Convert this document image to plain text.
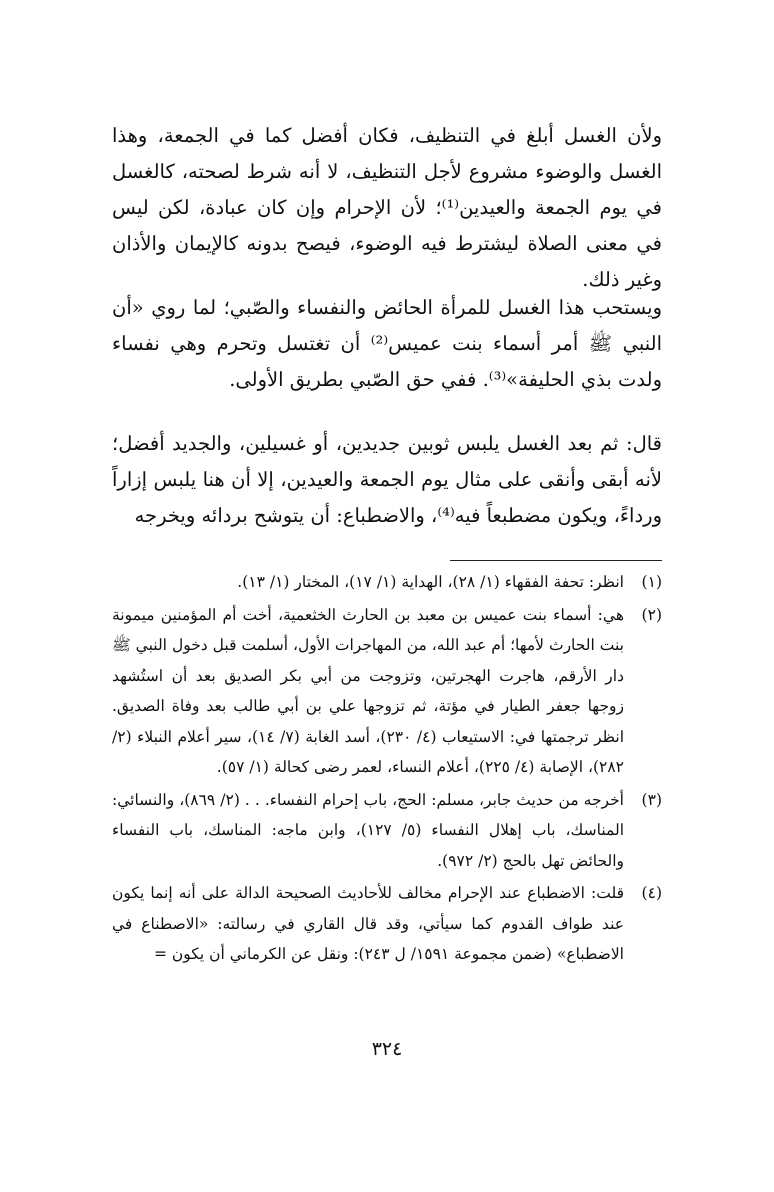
ولأن الغسل أبلغ في التنظيف، فكان أفضل كما في الجمعة، وهذا الغسل والوضوء مشروع لأجل التنظيف، لا أنه شرط لصحته، كالغسل في يوم الجمعة والعيدين⁽¹⁾؛ لأن الإحرام وإن كان عبادة، لكن ليس في معنى الصلاة ليشترط فيه الوضوء، فيصح بدونه كالإيمان والأذان وغير ذلك.

ويستحب هذا الغسل للمرأة الحائض والنفساء والصّبي؛ لما روي «أن النبي ﷺ أمر أسماء بنت عميس⁽²⁾ أن تغتسل وتحرم وهي نفساء ولدت بذي الحليفة»⁽³⁾. ففي حق الصّبي بطريق الأولى.

قال: ثم بعد الغسل يلبس ثوبين جديدين، أو غسيلين، والجديد أفضل؛ لأنه أبقى وأنقى على مثال يوم الجمعة والعيدين، إلا أن هنا يلبس إزاراً ورداءً، ويكون مضطبعاً فيه⁽⁴⁾، والاضطباع: أن يتوشح بردائه ويخرجه

(١)
انظر: تحفة الفقهاء (١/ ٢٨)، الهداية (١/ ١٧)، المختار (١/ ١٣).
(٢)
هي: أسماء بنت عميس بن معبد بن الحارث الخثعمية، أخت أم المؤمنين ميمونة بنت الحارث لأمها؛ أم عبد الله، من المهاجرات الأول، أسلمت قبل دخول النبي ﷺ دار الأرقم، هاجرت الهجرتين، وتزوجت من أبي بكر الصديق بعد أن استُشهد زوجها جعفر الطيار في مؤتة، ثم تزوجها علي بن أبي طالب بعد وفاة الصديق. انظر ترجمتها في: الاستيعاب (٤/ ٢٣٠)، أسد الغابة (٧/ ١٤)، سير أعلام النبلاء (٢/ ٢٨٢)، الإصابة (٤/ ٢٢٥)، أعلام النساء، لعمر رضى كحالة (١/ ٥٧).
(٣)
أخرجه من حديث جابر، مسلم: الحج، باب إحرام النفساء. . . (٢/ ٨٦٩)، والنسائي: المناسك، باب إهلال النفساء (٥/ ١٢٧)، وابن ماجه: المناسك، باب النفساء والحائض تهل بالحج (٢/ ٩٧٢).
(٤)
قلت: الاضطباع عند الإحرام مخالف للأحاديث الصحيحة الدالة على أنه إنما يكون عند طواف القدوم كما سيأتي، وقد قال القاري في رسالته: «الاصطناع في الاضطباع» (ضمن مجموعة ١٥٩١/ ل ٢٤٣): ونقل عن الكرماني أن يكون =
٣٢٤
